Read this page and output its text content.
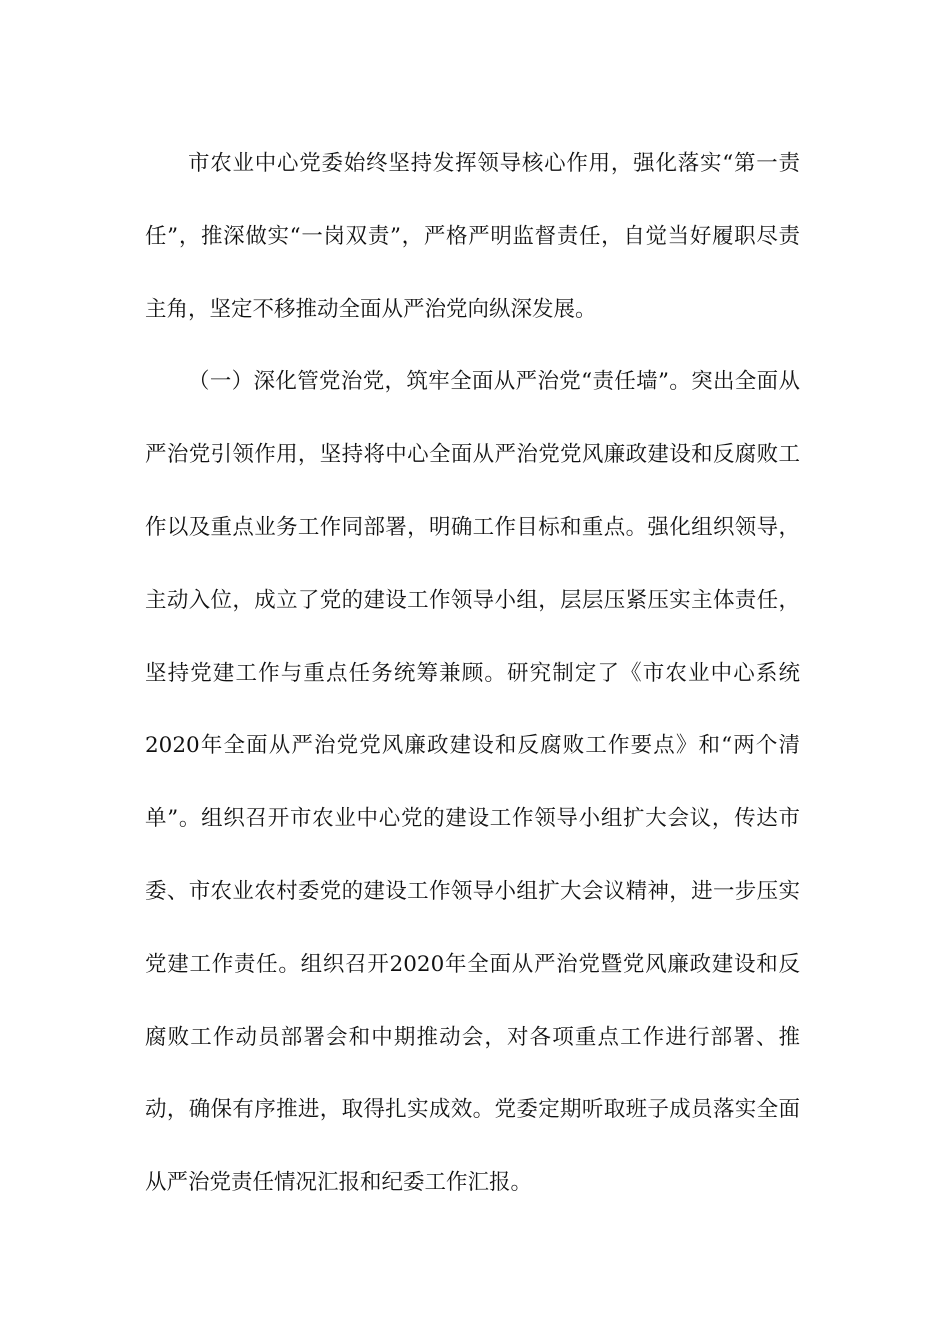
市农业中心党委始终坚持发挥领导核心作用，强化落实“第一责任”，推深做实“一岗双责”，严格严明监督责任，自觉当好履职尽责主角，坚定不移推动全面从严治党向纵深发展。

（一）深化管党治党，筑牢全面从严治党“责任墙”。突出全面从严治党引领作用，坚持将中心全面从严治党党风廉政建设和反腐败工作以及重点业务工作同部署，明确工作目标和重点。强化组织领导，主动入位，成立了党的建设工作领导小组，层层压紧压实主体责任，坚持党建工作与重点任务统筹兼顾。研究制定了《市农业中心系统2020年全面从严治党党风廉政建设和反腐败工作要点》和“两个清单”。组织召开市农业中心党的建设工作领导小组扩大会议，传达市委、市农业农村委党的建设工作领导小组扩大会议精神，进一步压实党建工作责任。组织召开2020年全面从严治党暨党风廉政建设和反腐败工作动员部署会和中期推动会，对各项重点工作进行部署、推动，确保有序推进，取得扎实成效。党委定期听取班子成员落实全面从严治党责任情况汇报和纪委工作汇报。
